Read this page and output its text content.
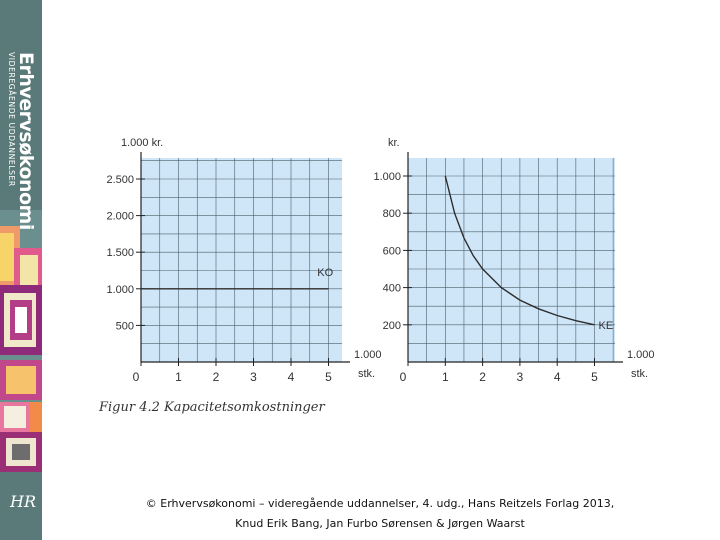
Erhvervsøkonomi
VIDEREGÅENDE UDDANNELSER
HR
500
1.000
1.500
2.000
2.500
0	1	2	3	4	5
1.000 kr.
1.000
stk.
KO
200
400
600
800
1.000
0	1	2	3	4	5
kr.
1.000
stk.
KE
Figur 4.2 Kapacitetsomkostninger
© Erhvervsøkonomi – videregående uddannelser, 4. udg., Hans Reitzels Forlag 2013,
Knud Erik Bang, Jan Furbo Sørensen & Jørgen Waarst
